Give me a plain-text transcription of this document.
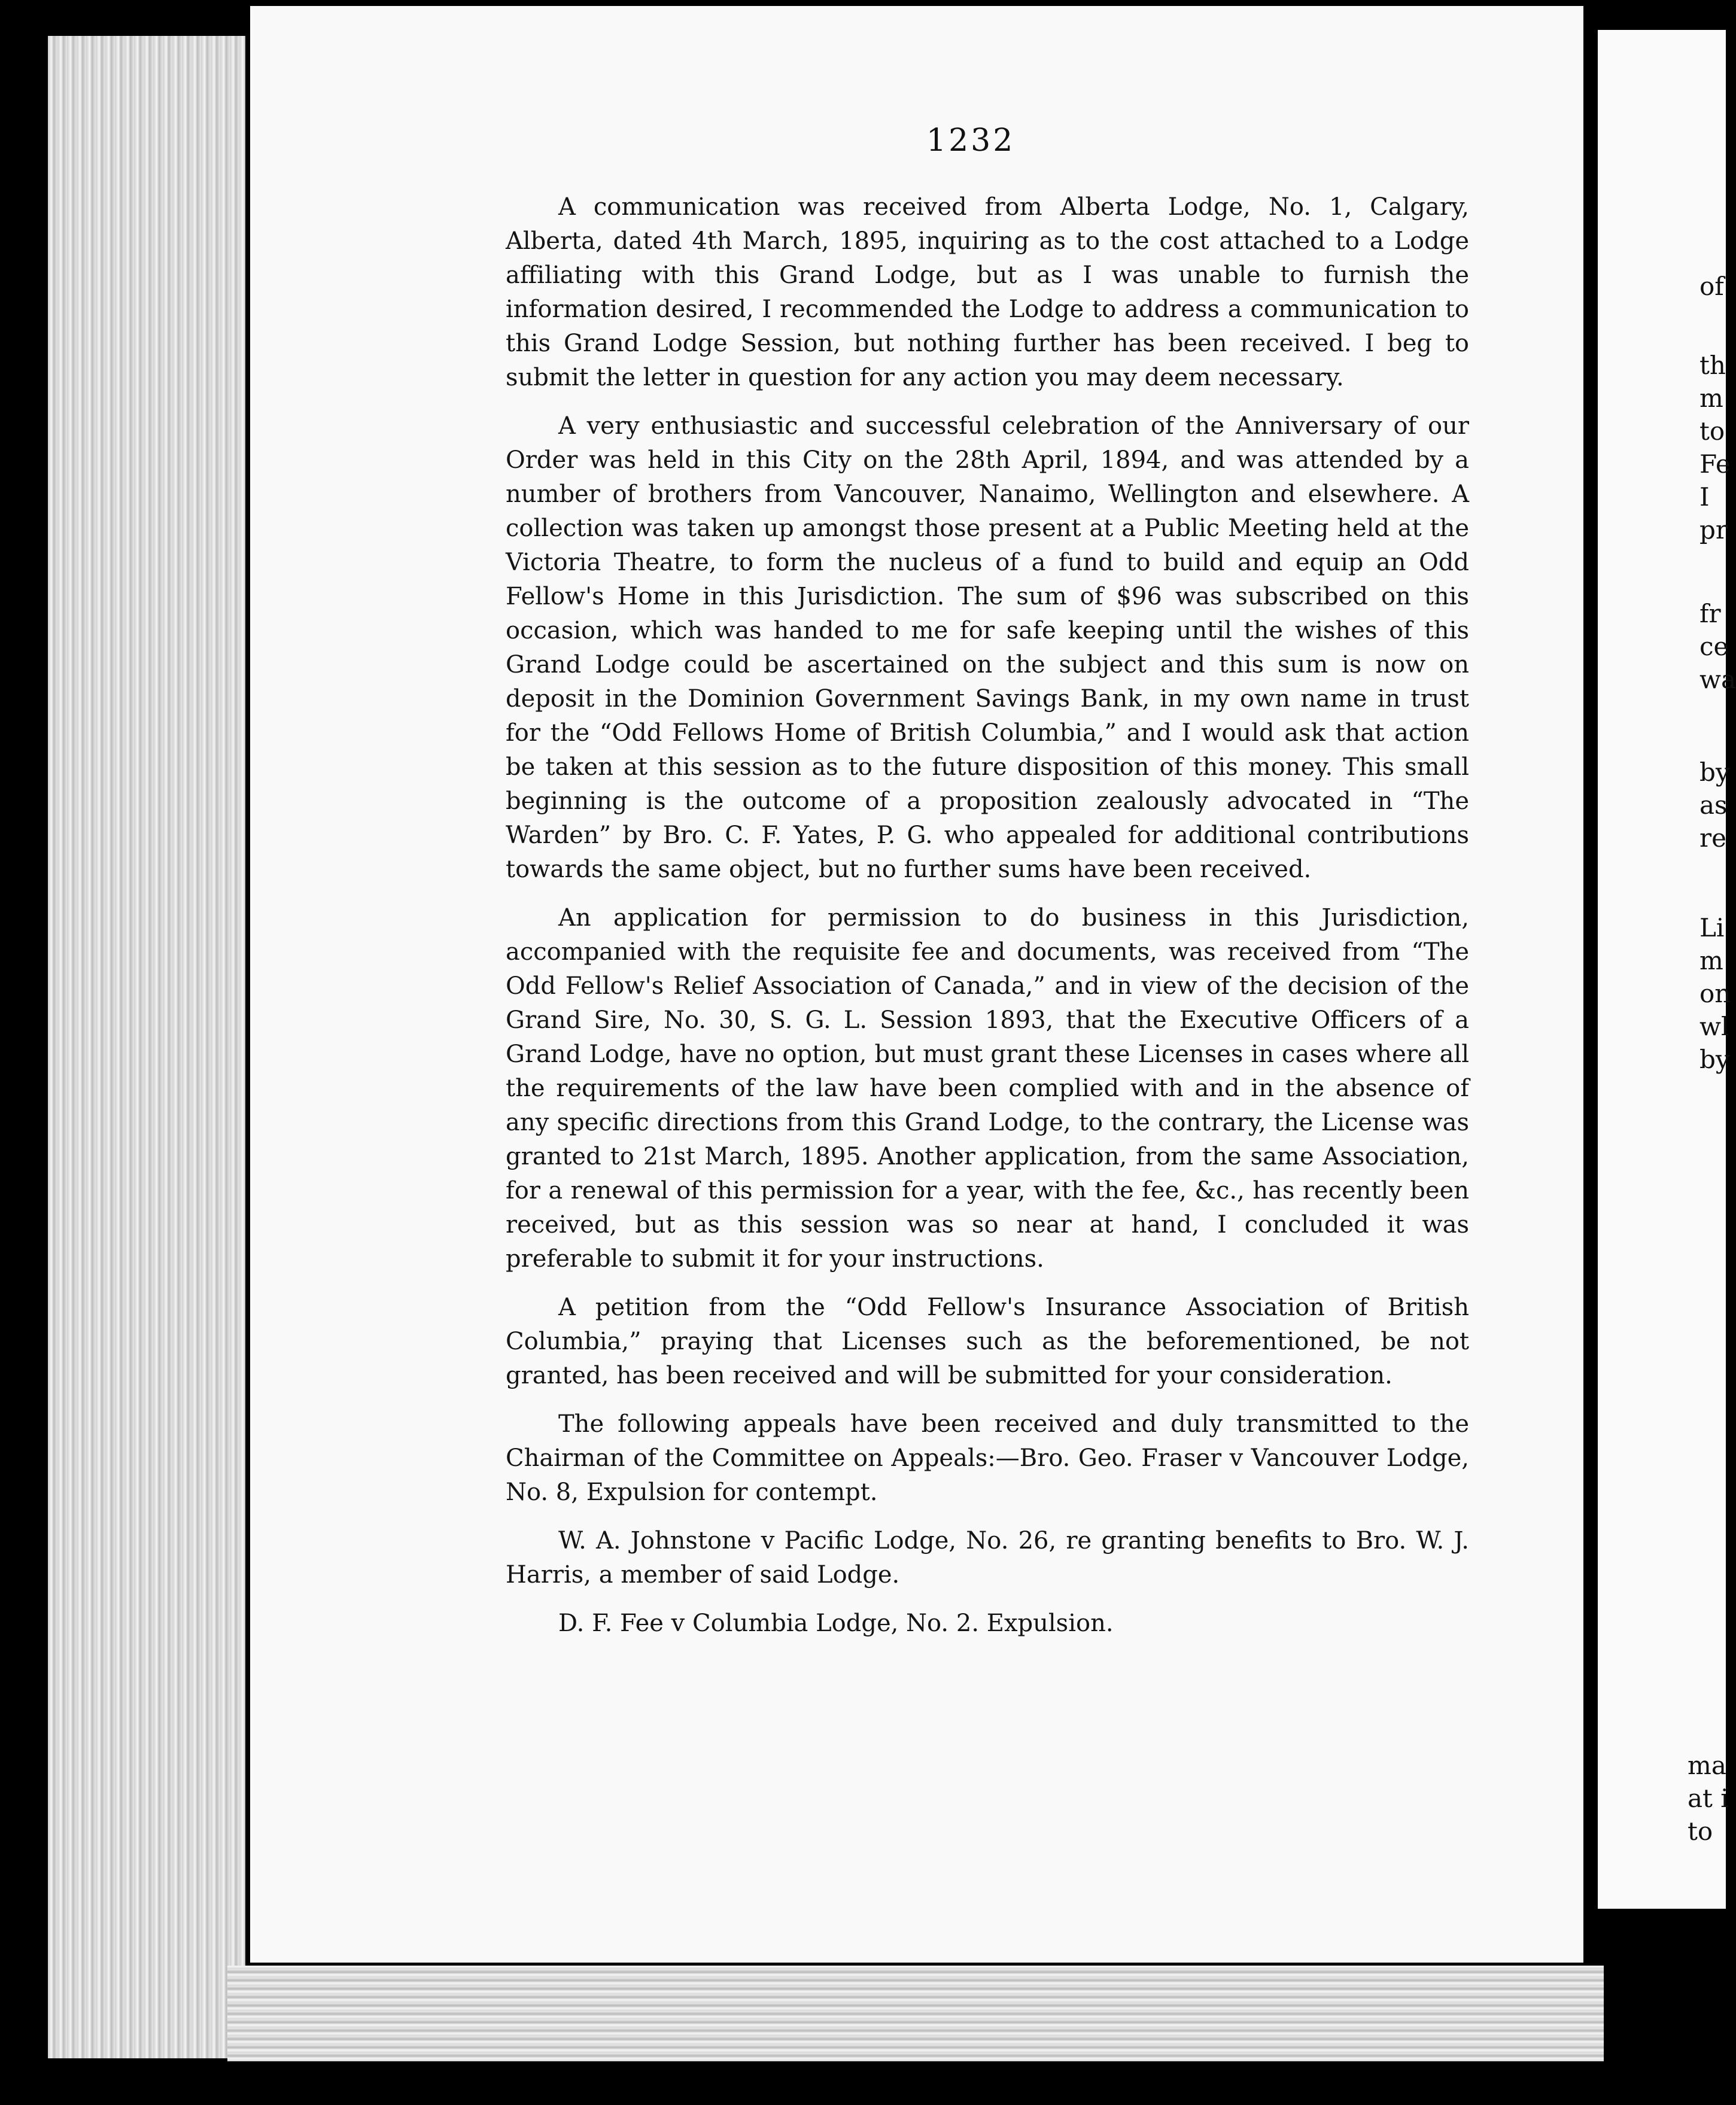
1232

A communication was received from Alberta Lodge, No. 1, Calgary, Alberta, dated 4th March, 1895, inquiring as to the cost attached to a Lodge affiliating with this Grand Lodge, but as I was unable to furnish the information desired, I recommended the Lodge to address a communication to this Grand Lodge Session, but nothing further has been received. I beg to submit the letter in question for any action you may deem necessary.

A very enthusiastic and successful celebration of the Anniversary of our Order was held in this City on the 28th April, 1894, and was attended by a number of brothers from Vancouver, Nanaimo, Wellington and elsewhere. A collection was taken up amongst those present at a Public Meeting held at the Victoria Theatre, to form the nucleus of a fund to build and equip an Odd Fellow's Home in this Jurisdiction. The sum of $96 was subscribed on this occasion, which was handed to me for safe keeping until the wishes of this Grand Lodge could be ascertained on the subject and this sum is now on deposit in the Dominion Government Savings Bank, in my own name in trust for the “Odd Fellows Home of British Columbia,” and I would ask that action be taken at this session as to the future disposition of this money. This small beginning is the outcome of a proposition zealously advocated in “The Warden” by Bro. C. F. Yates, P. G. who appealed for additional contributions towards the same object, but no further sums have been received.

An application for permission to do business in this Jurisdiction, accompanied with the requisite fee and documents, was received from “The Odd Fellow's Relief Association of Canada,” and in view of the decision of the Grand Sire, No. 30, S. G. L. Session 1893, that the Executive Officers of a Grand Lodge, have no option, but must grant these Licenses in cases where all the requirements of the law have been complied with and in the absence of any specific directions from this Grand Lodge, to the contrary, the License was granted to 21st March, 1895. Another application, from the same Association, for a renewal of this permission for a year, with the fee, &c., has recently been received, but as this session was so near at hand, I concluded it was preferable to submit it for your instructions.

A petition from the “Odd Fellow's Insurance Association of British Columbia,” praying that Licenses such as the beforementioned, be not granted, has been received and will be submitted for your consideration.

The following appeals have been received and duly transmitted to the Chairman of the Committee on Appeals:—Bro. Geo. Fraser v Vancouver Lodge, No. 8, Expulsion for contempt.

W. A. Johnstone v Pacific Lodge, No. 26, re granting benefits to Bro. W. J. Harris, a member of said Lodge.

D. F. Fee v Columbia Lodge, No. 2. Expulsion.

of
th
m
to
Fe
I
pr
fr
ce
wa
by
as
re
Li
m
on
wl
by
ma
at i
to
